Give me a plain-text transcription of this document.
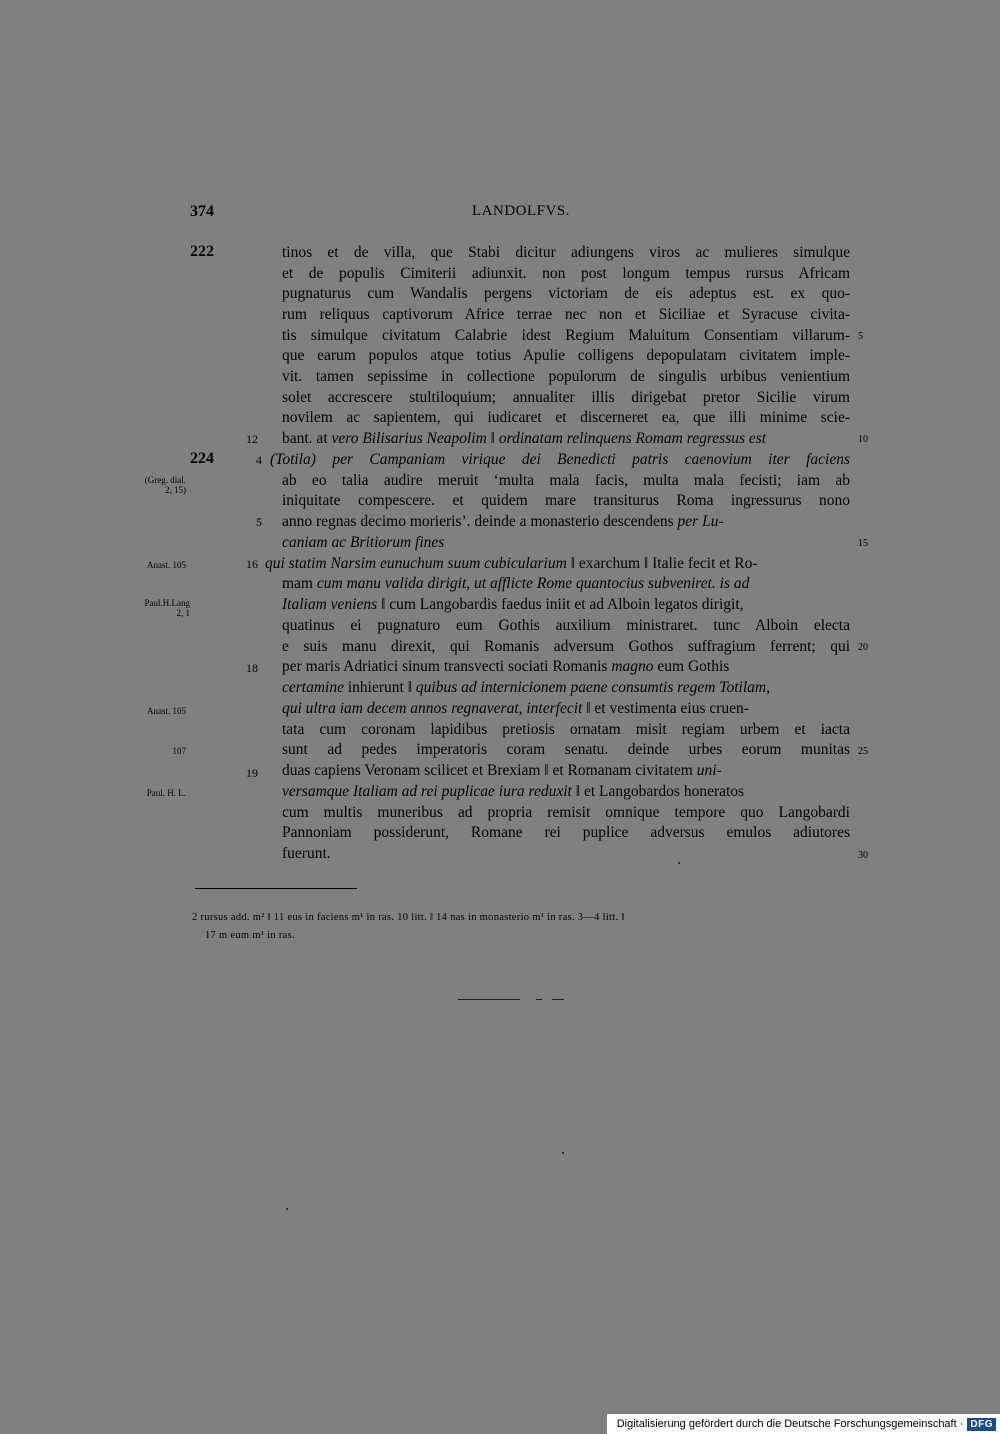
374	LANDOLFVS.
222
224
(Greg. dial.
2, 15)
Anast. 105
Paul.H.Lang
2, 1
Anast. 105
107
Paul. H. L.
12
4
5
16
18
19
5
10
15
20
25
30
tinos et de villa, que Stabi dicitur adiungens viros ac mulieres simulque
et de populis Cimiterii adiunxit. non post longum tempus rursus Africam
pugnaturus cum Wandalis pergens victoriam de eis adeptus est. ex quo-
rum reliquus captivorum Africe terrae nec non et Siciliae et Syracuse civita-
tis simulque civitatum Calabrie idest Regium Maluitum Consentiam villarum-
que earum populos atque totius Apulie colligens depopulatam civitatem imple-
vit. tamen sepissime in collectione populorum de singulis urbibus venientium
solet accrescere stultiloquium; annualiter illis dirigebat pretor Sicilie virum
novilem ac sapientem, qui iudicaret et discerneret ea, que illi minime scie-
bant. at vero Bilisarius Neapolim ‖ ordinatam relinquens Romam regressus est
(Totila) per Campaniam virique dei Benedicti patris caenovium iter faciens
ab eo talia audire meruit ‘multa mala facis, multa mala fecisti; iam ab
iniquitate compescere. et quidem mare transiturus Roma ingressurus nono
anno regnas decimo morieris’. deinde a monasterio descendens per Lu-
caniam ac Britiorum fines
qui statim Narsim eunuchum suum cubicularium ‖ exarchum ‖ Italie fecit et Ro-
mam cum manu valida dirigit, ut afflicte Rome quantocius subveniret. is ad
Italiam veniens ‖ cum Langobardis faedus iniit et ad Alboin legatos dirigit,
quatinus ei pugnaturo eum Gothis auxilium ministraret. tunc Alboin electa
e suis manu direxit, qui Romanis adversum Gothos suffragium ferrent; qui
per maris Adriatici sinum transvecti sociati Romanis magno eum Gothis
certamine inhierunt ‖ quibus ad internicionem paene consumtis regem Totilam,
qui ultra iam decem annos regnaverat, interfecit ‖ et vestimenta eius cruen-
tata cum coronam lapidibus pretiosis ornatam misit regiam urbem et iacta
sunt ad pedes imperatoris coram senatu. deinde urbes eorum munitas
duas capiens Veronam scilicet et Brexiam ‖ et Romanam civitatem uni-
versamque Italiam ad rei puplicae iura reduxit ‖ et Langobardos honeratos
cum multis muneribus ad propria remisit omnique tempore quo Langobardi
Pannoniam possiderunt, Romane rei puplice adversus emulos adiutores
fuerunt.
2 rursus add. m² ‖ 11 eus in faciens m¹ in ras. 10 litt. ‖ 14 nas in monasterio m¹ in ras. 3—4 litt. ‖
17 m eum m¹ in ras.
Digitalisierung gefördert durch die Deutsche Forschungsgemeinschaft · DFG
